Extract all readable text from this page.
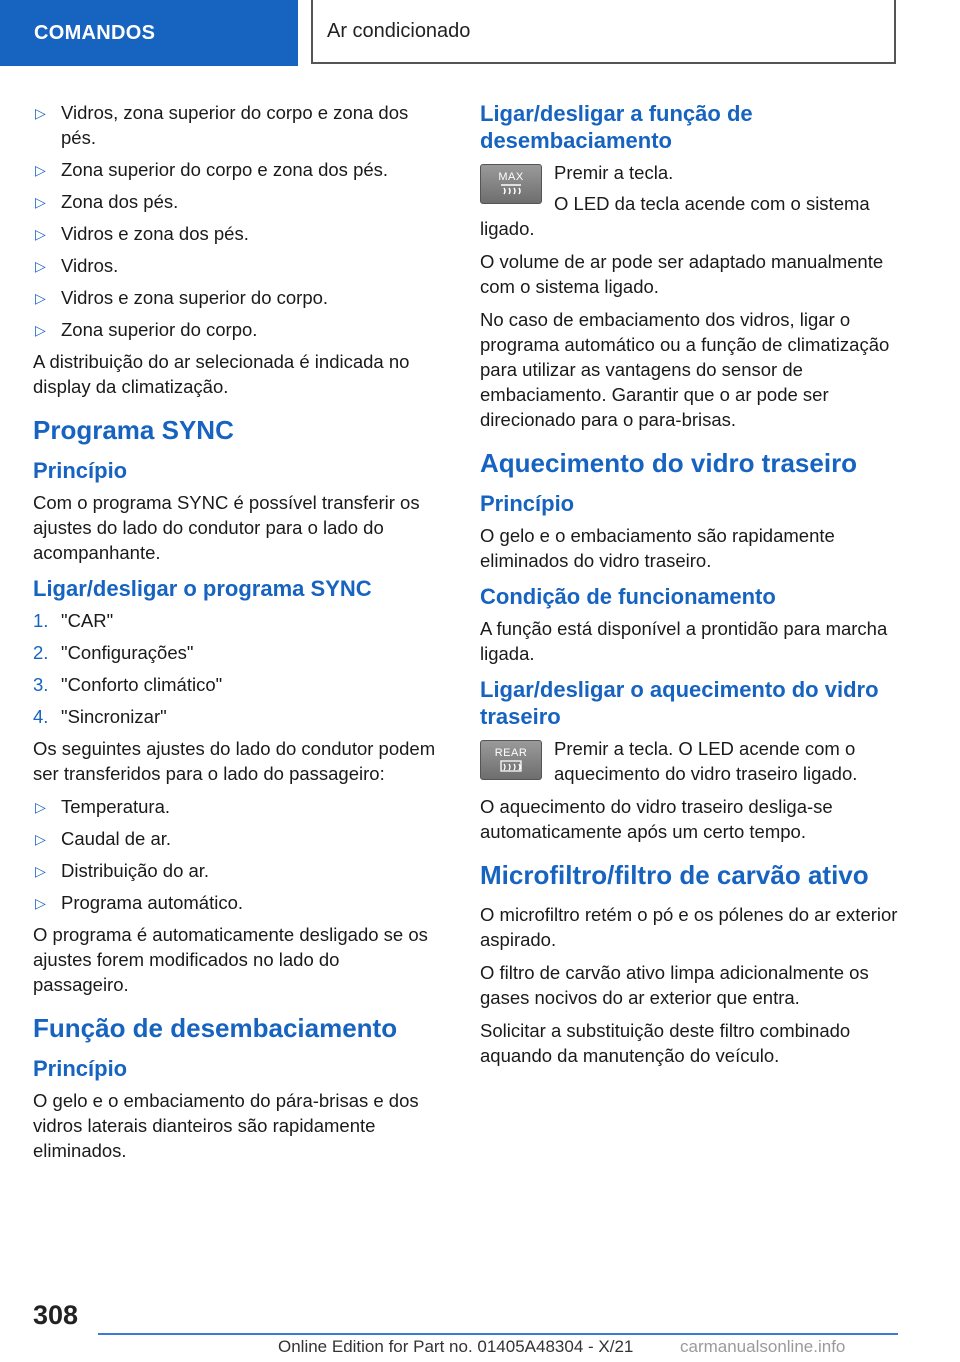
COMANDOS	Ar condicionado
▷ Vidros, zona superior do corpo e zona dos pés.
▷ Zona superior do corpo e zona dos pés.
▷ Zona dos pés.
▷ Vidros e zona dos pés.
▷ Vidros.
▷ Vidros e zona superior do corpo.
▷ Zona superior do corpo.

A distribuição do ar selecionada é indicada no display da climatização.

Programa SYNC
Princípio

Com o programa SYNC é possível transferir os ajustes do lado do condutor para o lado do acompanhante.

Ligar/desligar o programa SYNC
1. "CAR"
2. "Configurações"
3. "Conforto climático"
4. "Sincronizar"

Os seguintes ajustes do lado do condutor podem ser transferidos para o lado do passageiro:

▷ Temperatura.
▷ Caudal de ar.
▷ Distribuição do ar.
▷ Programa automático.

O programa é automaticamente desligado se os ajustes forem modificados no lado do passageiro.

Função de desembaciamento
Princípio

O gelo e o embaciamento do pára-brisas e dos vidros laterais dianteiros são rapidamente eliminados.

Ligar/desligar a função de desembaciamento
MAX	Premir a tecla.

O LED da tecla acende com o sistema ligado.

O volume de ar pode ser adaptado manualmente com o sistema ligado.

No caso de embaciamento dos vidros, ligar o programa automático ou a função de climatização para utilizar as vantagens do sensor de embaciamento. Garantir que o ar pode ser direcionado para o para-brisas.

Aquecimento do vidro traseiro
Princípio

O gelo e o embaciamento são rapidamente eliminados do vidro traseiro.

Condição de funcionamento

A função está disponível a prontidão para marcha ligada.

Ligar/desligar o aquecimento do vidro traseiro
REAR	Premir a tecla. O LED acende com o aquecimento do vidro traseiro ligado.

O aquecimento do vidro traseiro desliga-se automaticamente após um certo tempo.

Microfiltro/filtro de carvão ativo

O microfiltro retém o pó e os pólenes do ar exterior aspirado.

O filtro de carvão ativo limpa adicionalmente os gases nocivos do ar exterior que entra.

Solicitar a substituição deste filtro combinado aquando da manutenção do veículo.

308
Online Edition for Part no. 01405A48304 - X/21	carmanualsonline.info
